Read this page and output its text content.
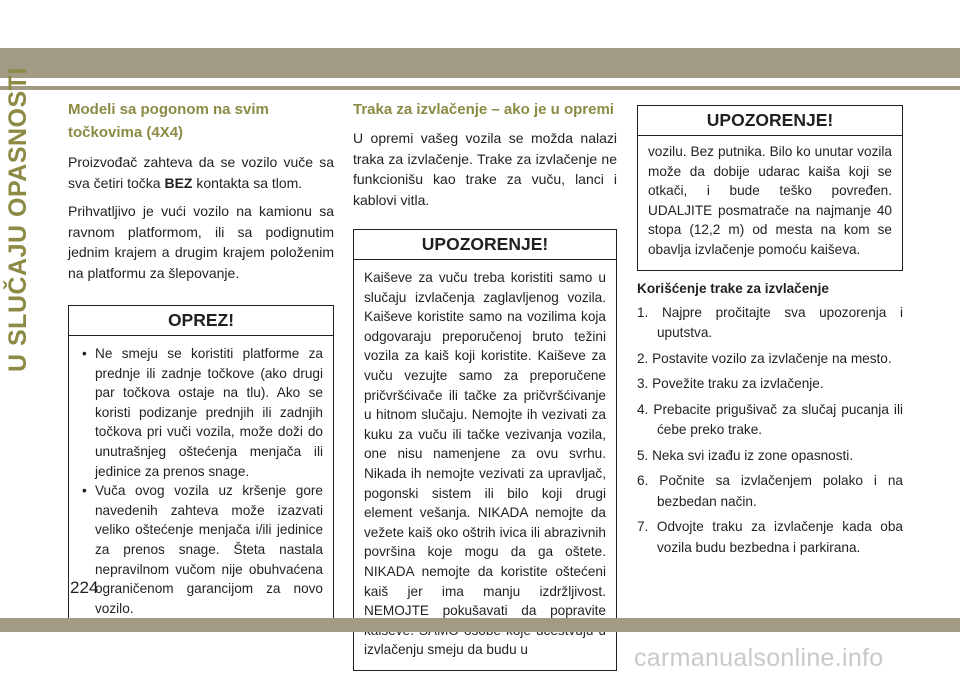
U SLUČAJU OPASNOSTI Modeli sa pogonom na svim točkovima (4X4)

Proizvođač zahteva da se vozilo vuče sa sva četiri točka BEZ kontakta sa tlom.

Prihvatljivo je vući vozilo na kamionu sa ravnom platformom, ili sa podignutim jednim krajem a drugim krajem položenim na platformu za šlepovanje.

OPREZ!
• Ne smeju se koristiti platforme za prednje ili zadnje točkove (ako drugi par točkova ostaje na tlu). Ako se koristi podizanje prednjih ili zadnjih točkova pri vuči vozila, može doži do unutrašnjeg oštećenja menjača ili jedinice za prenos snage.
• Vuča ovog vozila uz kršenje gore navedenih zahteva može izazvati veliko oštećenje menjača i/ili jedinice za prenos snage. Šteta nastala nepravilnom vučom nije obuhvaćena ograničenom garancijom za novo vozilo.
Traka za izvlačenje – ako je u opremi

U opremi vašeg vozila se možda nalazi traka za izvlačenje. Trake za izvlačenje ne funkcionišu kao trake za vuču, lanci i kablovi vitla.

UPOZORENJE!
Kaiševe za vuču treba koristiti samo u slučaju izvlačenja zaglavljenog vozila. Kaiševe koristite samo na vozilima koja odgovaraju preporučenoj bruto težini vozila za kaiš koji koristite. Kaiševe za vuču vezujte samo za preporučene pričvršćivače ili tačke za pričvršćivanje u hitnom slučaju. Nemojte ih vezivati za kuku za vuču ili tačke vezivanja vozila, one nisu namenjene za ovu svrhu. Nikada ih nemojte vezivati za upravljač, pogonski sistem ili bilo koji drugi element vešanja. NIKADA nemojte da vežete kaiš oko oštrih ivica ili abrazivnih površina koje mogu da ga oštete. NIKADA nemojte da koristite oštećeni kaiš jer ima manju izdržljivost. NEMOJTE pokušavati da popravite izvlačenju smeju da budu u
UPOZORENJE!
vozilu. Bez putnika. Bilo ko unutar vozila može da dobije udarac kaiša koji se otkači, i bude teško povređen. UDALJITE posmatrače na najmanje 40 stopa (12,2 m) od mesta na kom se obavlja izvlačenje pomoću kaiševa.
Korišćenje trake za izvlačenje
1. Najpre pročitajte sva upozorenja i uputstva.
2. Postavite vozilo za izvlačenje na mesto.
3. Povežite traku za izvlačenje.
4. Prebacite prigušivač za slučaj pucanja ili ćebe preko trake.
5. Neka svi izađu iz zone opasnosti.
6. Počnite sa izvlačenjem polako i na bezbedan način.
7. Odvojte traku za izvlačenje kada oba vozila budu bezbedna i parkirana.
224
carmanualsonline.info
